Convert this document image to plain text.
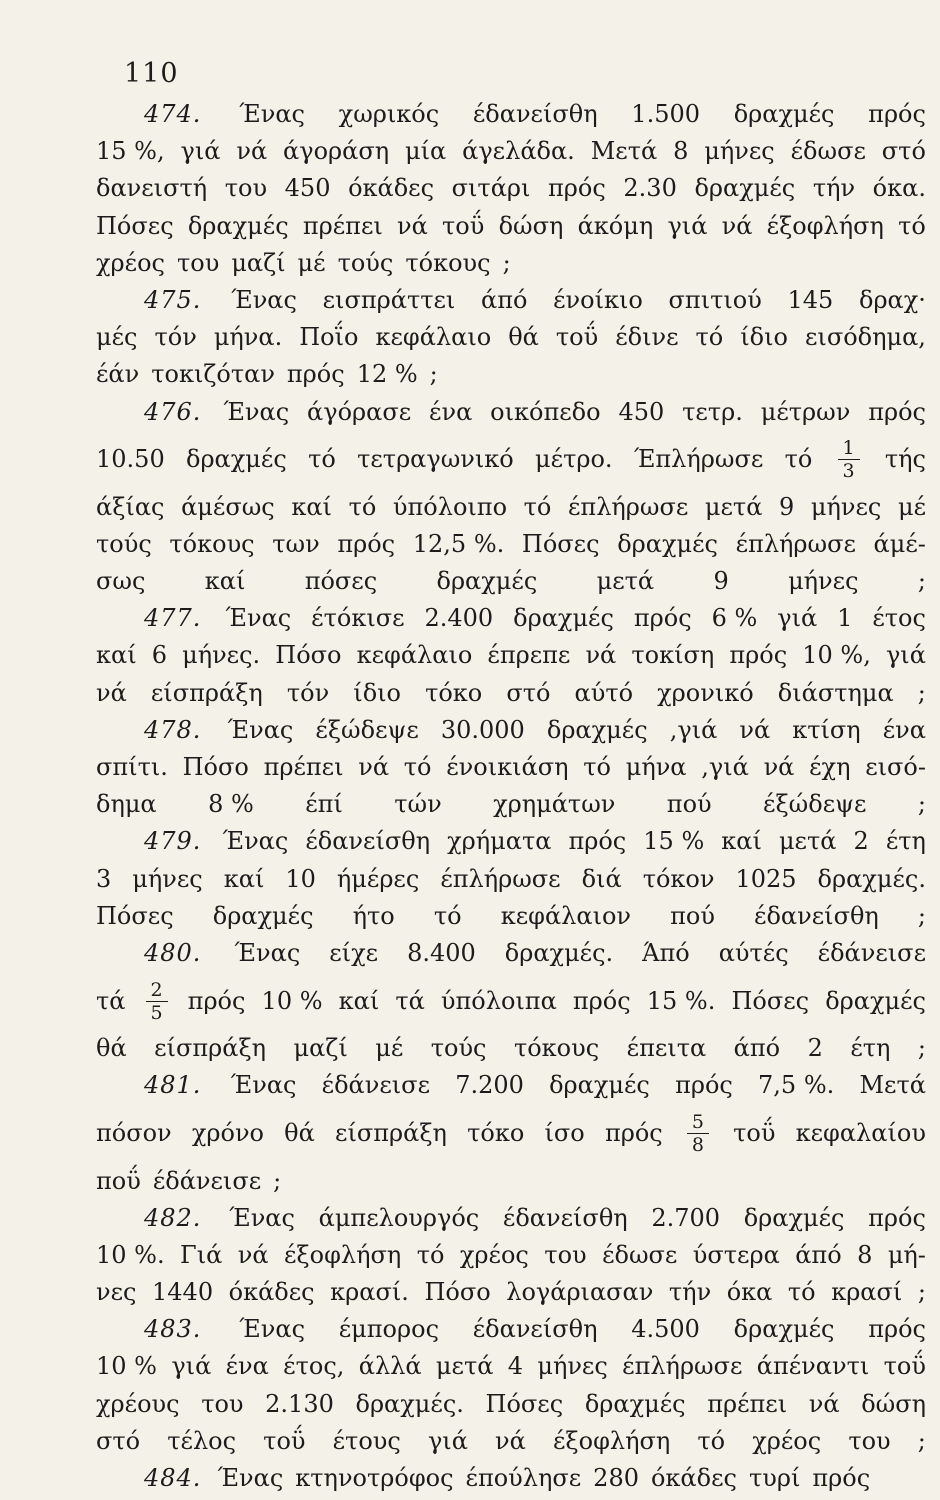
110
474. Ένας χωρικός έδανείσθη 1.500 δραχμές πρός
15 %, γιά νά άγοράση μία άγελάδα. Μετά 8 μήνες έδωσε στό
δανειστή του 450 όκάδες σιτάρι πρός 2.30 δραχμές τήν όκα.
Πόσες δραχμές πρέπει νά τοΰ δώση άκόμη γιά νά έξοφλήση τό
χρέος του μαζί μέ τούς τόκους ;
475. Ένας εισπράττει άπό ένοίκιο σπιτιού 145 δραχ·
μές τόν μήνα. Ποΐο κεφάλαιο θά τοΰ έδινε τό ίδιο εισόδημα,
έάν τοκιζόταν πρός 12 % ;
476. Ένας άγόρασε ένα οικόπεδο 450 τετρ. μέτρων πρός
10.50 δραχμές τό τετραγωνικό μέτρο. Έπλήρωσε τό $\frac{1}{3}$ τής
άξίας άμέσως καί τό ύπόλοιπο τό έπλήρωσε μετά 9 μήνες μέ
τούς τόκους των πρός 12,5 %. Πόσες δραχμές έπλήρωσε άμέ-
σως καί πόσες δραχμές μετά 9 μήνες ;
477. Ένας έτόκισε 2.400 δραχμές πρός 6 % γιά 1 έτος
καί 6 μήνες. Πόσο κεφάλαιο έπρεπε νά τοκίση πρός 10 %, γιά
νά είσπράξη τόν ίδιο τόκο στό αύτό χρονικό διάστημα ;
478. Ένας έξώδεψε 30.000 δραχμές ,γιά νά κτίση ένα
σπίτι. Πόσο πρέπει νά τό ένοικιάση τό μήνα ,γιά νά έχη εισό-
δημα 8 % έπί τών χρημάτων πού έξώδεψε ;
479. Ένας έδανείσθη χρήματα πρός 15 % καί μετά 2 έτη
3 μήνες καί 10 ήμέρες έπλήρωσε διά τόκον 1025 δραχμές.
Πόσες δραχμές ήτο τό κεφάλαιον πού έδανείσθη ;
480. Ένας είχε 8.400 δραχμές. Άπό αύτές έδάνεισε
τά $\frac{2}{5}$ πρός 10 % καί τά ύπόλοιπα πρός 15 %. Πόσες δραχμές
θά είσπράξη μαζί μέ τούς τόκους έπειτα άπό 2 έτη ;
481. Ένας έδάνεισε 7.200 δραχμές πρός 7,5 %. Μετά
πόσον χρόνο θά είσπράξη τόκο ίσο πρός $\frac{5}{8}$ τοΰ κεφαλαίου
ποΰ έδάνεισε ;
482. Ένας άμπελουργός έδανείσθη 2.700 δραχμές πρός
10 %. Γιά νά έξοφλήση τό χρέος του έδωσε ύστερα άπό 8 μή-
νες 1440 όκάδες κρασί. Πόσο λογάριασαν τήν όκα τό κρασί ;
483. Ένας έμπορος έδανείσθη 4.500 δραχμές πρός
10 % γιά ένα έτος, άλλά μετά 4 μήνες έπλήρωσε άπέναντι τοΰ
χρέους του 2.130 δραχμές. Πόσες δραχμές πρέπει νά δώση
στό τέλος τοΰ έτους γιά νά έξοφλήση τό χρέος του ;
484. Ένας κτηνοτρόφος έπούλησε 280 όκάδες τυρί πρός
